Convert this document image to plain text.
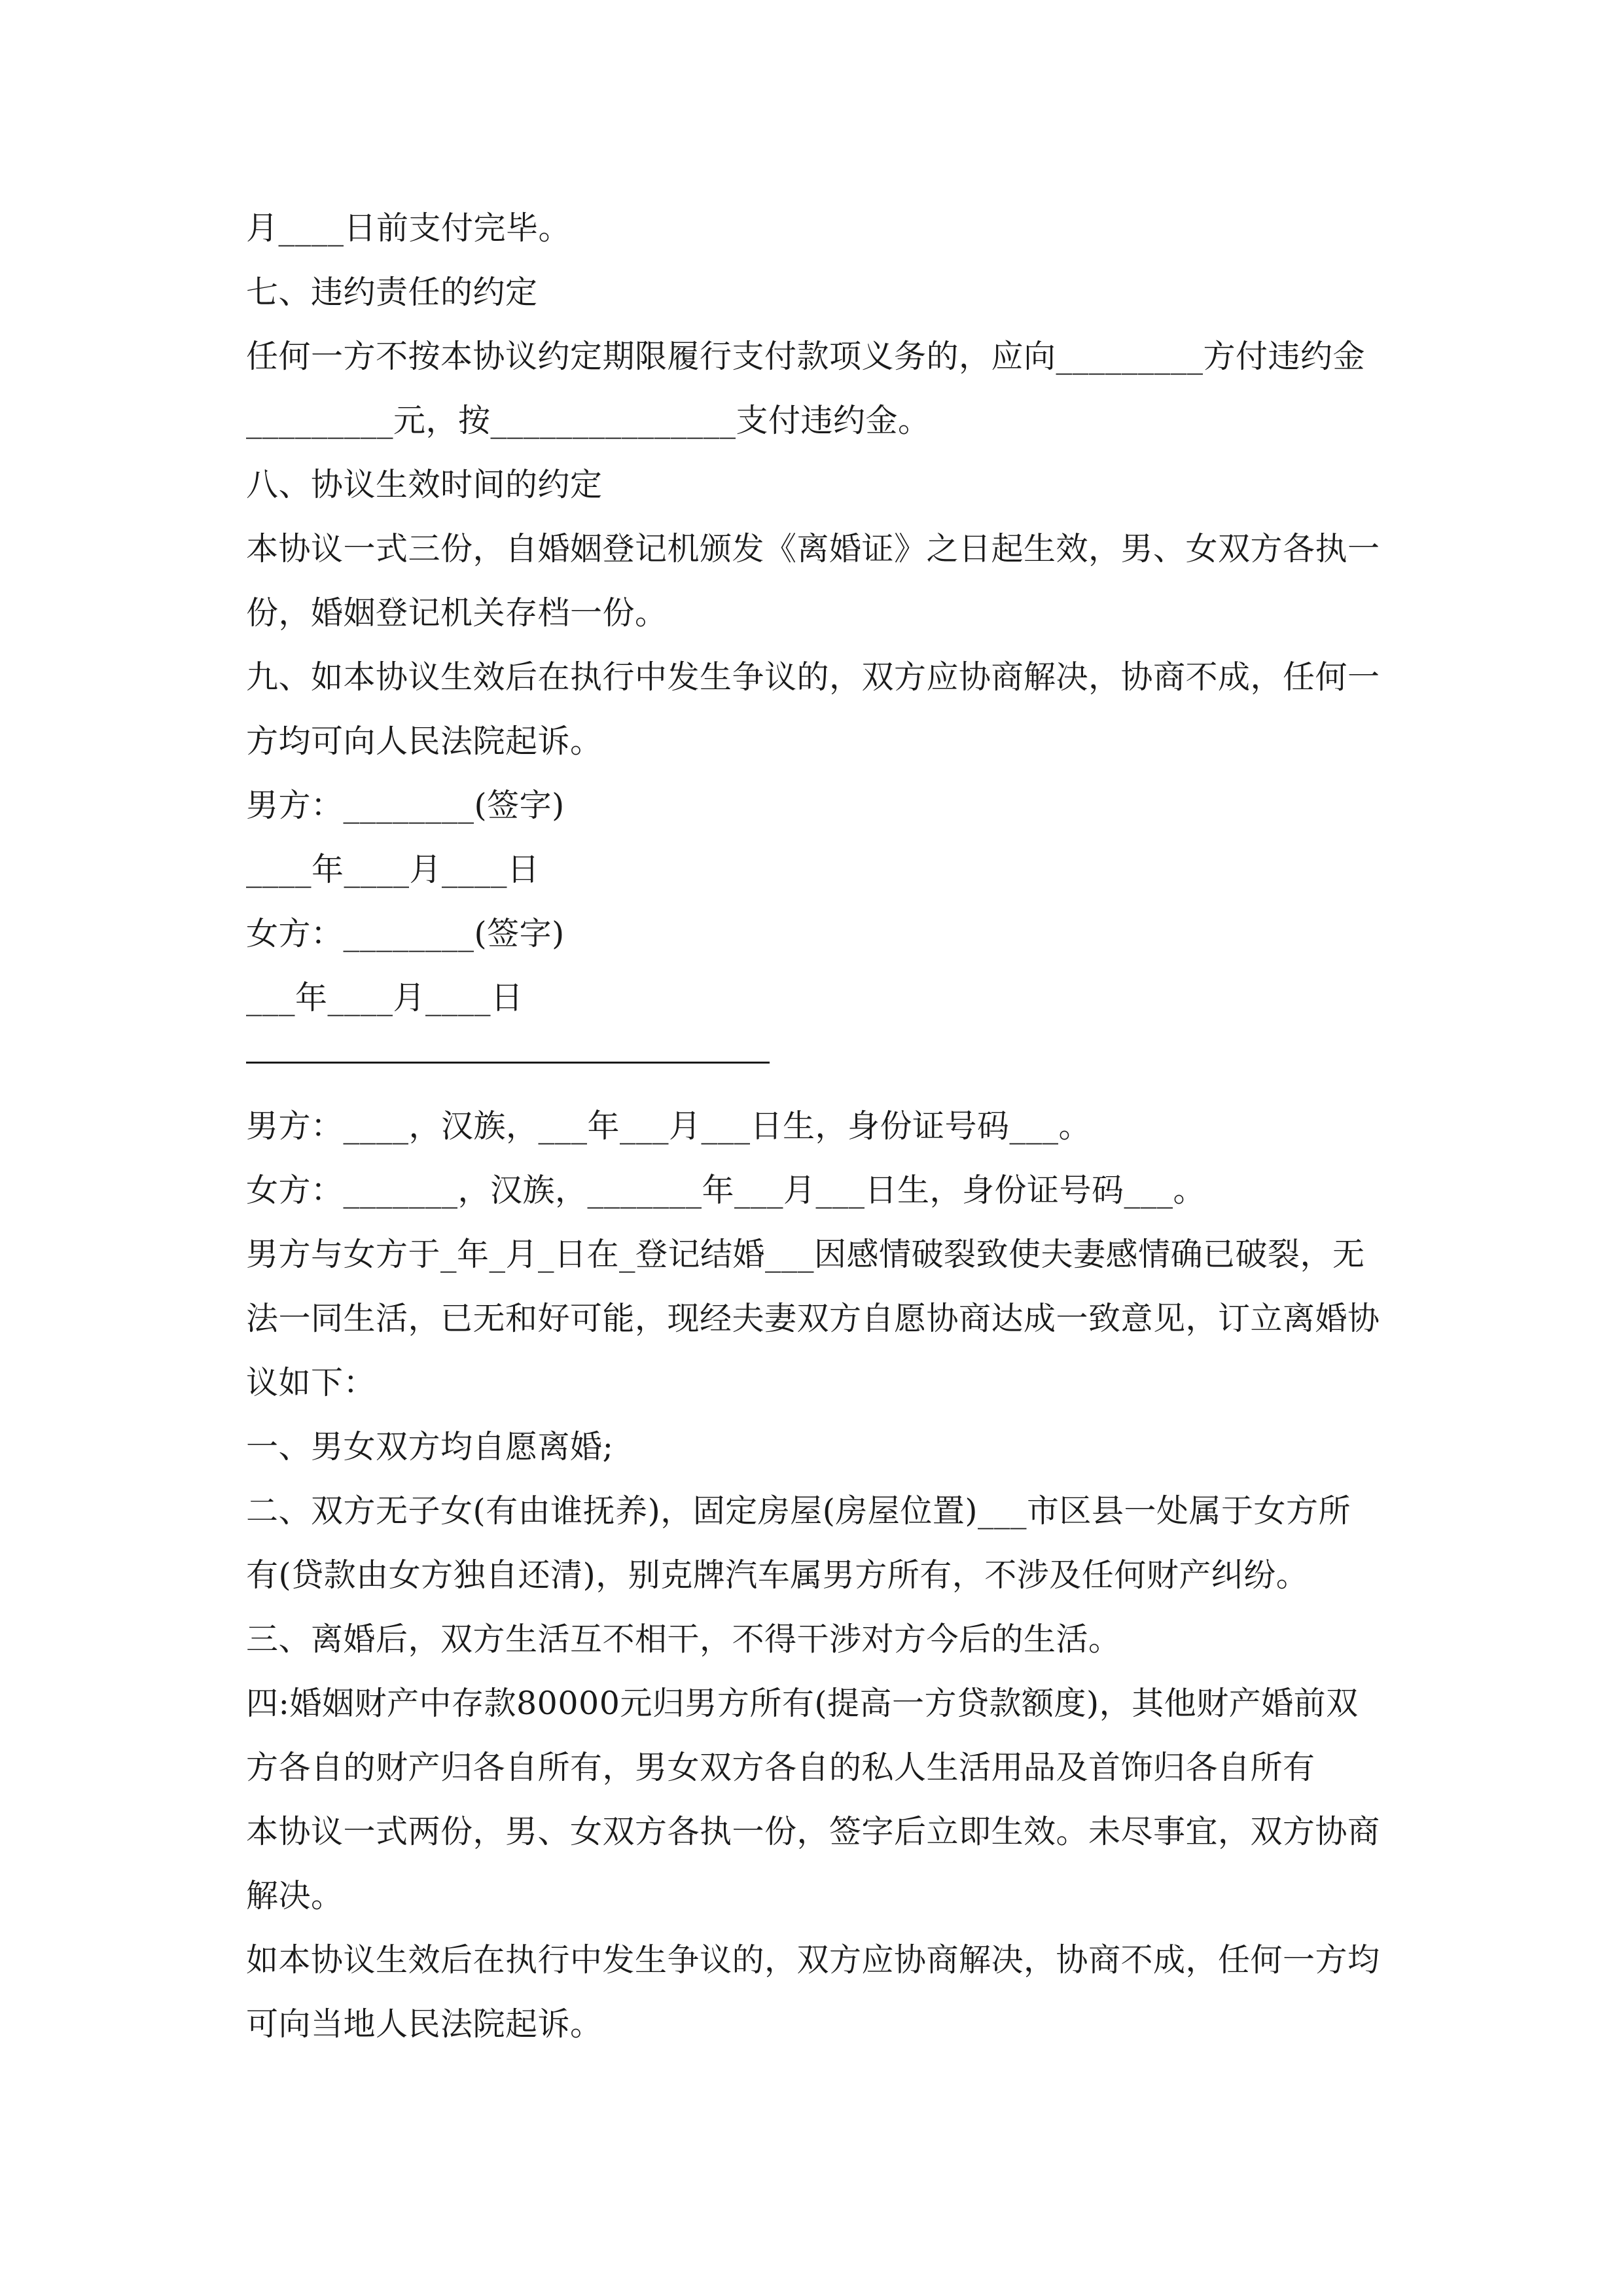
月____日前支付完毕。

七、违约责任的约定

任何一方不按本协议约定期限履行支付款项义务的，应向_________方付违约金

_________元，按_______________支付违约金。

八、协议生效时间的约定

本协议一式三份，自婚姻登记机颁发《离婚证》之日起生效，男、女双方各执一

份，婚姻登记机关存档一份。

九、如本协议生效后在执行中发生争议的，双方应协商解决，协商不成，任何一

方均可向人民法院起诉。

男方：________(签字)

____年____月____日

女方：________(签字)

___年____月____日

男方：____，汉族，___年___月___日生，身份证号码___。

女方：_______，汉族，_______年___月___日生，身份证号码___。

男方与女方于_年_月_日在_登记结婚___因感情破裂致使夫妻感情确已破裂，无

法一同生活，已无和好可能，现经夫妻双方自愿协商达成一致意见，订立离婚协

议如下：

一、男女双方均自愿离婚;

二、双方无子女(有由谁抚养)，固定房屋(房屋位置)___市区县一处属于女方所

有(贷款由女方独自还清)，别克牌汽车属男方所有，不涉及任何财产纠纷。

三、离婚后，双方生活互不相干，不得干涉对方今后的生活。

四:婚姻财产中存款80000元归男方所有(提高一方贷款额度)，其他财产婚前双

方各自的财产归各自所有，男女双方各自的私人生活用品及首饰归各自所有

本协议一式两份，男、女双方各执一份，签字后立即生效。未尽事宜，双方协商

解决。

如本协议生效后在执行中发生争议的，双方应协商解决，协商不成，任何一方均

可向当地人民法院起诉。
